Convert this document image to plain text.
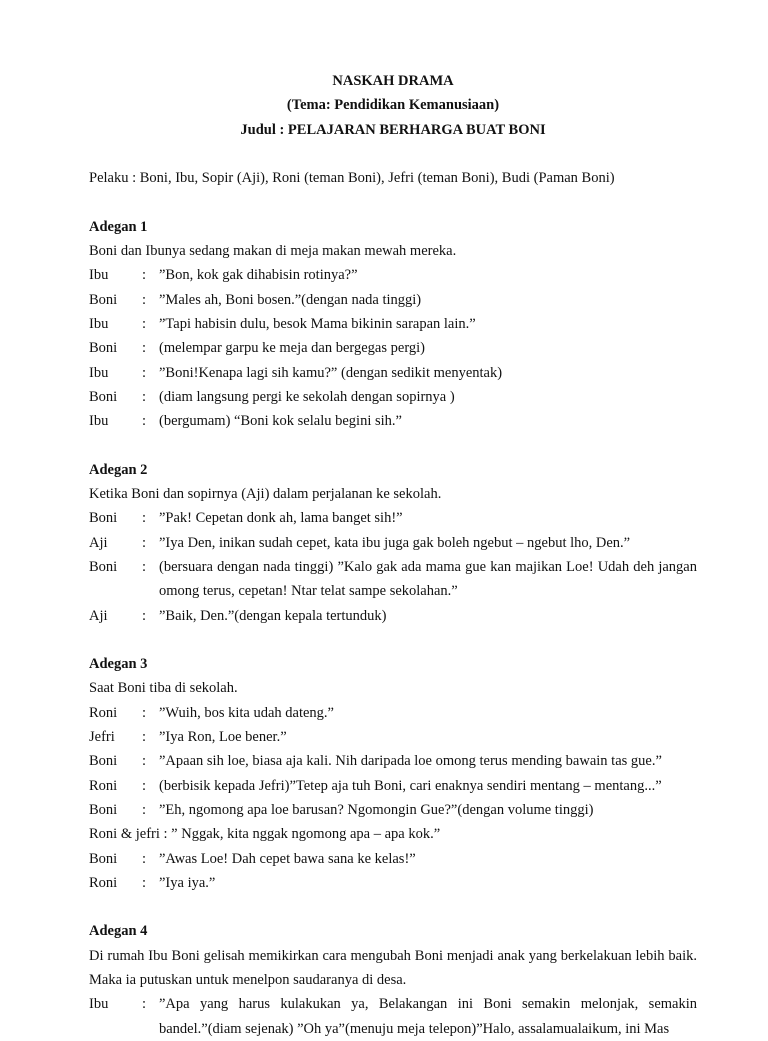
NASKAH DRAMA
(Tema: Pendidikan Kemanusiaan)
Judul : PELAJARAN BERHARGA BUAT BONI
Pelaku : Boni, Ibu, Sopir (Aji), Roni (teman Boni), Jefri (teman Boni), Budi (Paman Boni)
Adegan 1
Boni dan Ibunya sedang makan di meja makan mewah mereka.
Ibu	: ”Bon, kok gak dihabisin rotinya?”
Boni	: ”Males ah, Boni bosen.”(dengan nada tinggi)
Ibu	: ”Tapi habisin dulu, besok Mama bikinin sarapan lain.”
Boni	: (melempar garpu ke meja dan bergegas pergi)
Ibu	: ”Boni!Kenapa lagi sih kamu?” (dengan sedikit menyentak)
Boni	: (diam langsung pergi ke sekolah dengan sopirnya )
Ibu	: (bergumam) “Boni kok selalu begini sih.”
Adegan 2
Ketika Boni dan sopirnya (Aji) dalam perjalanan ke sekolah.
Boni	: ”Pak! Cepetan donk ah, lama banget sih!”
Aji	: ”Iya Den, inikan sudah cepet, kata ibu juga gak boleh ngebut – ngebut lho, Den.”
Boni	: (bersuara dengan nada tinggi) ”Kalo gak ada mama gue kan majikan Loe! Udah deh jangan omong terus, cepetan! Ntar telat sampe sekolahan.”
Aji	: ”Baik, Den.”(dengan kepala tertunduk)
Adegan 3
Saat Boni tiba di sekolah.
Roni	: ”Wuih, bos kita udah dateng.”
Jefri	: ”Iya Ron, Loe bener.”
Boni	: ”Apaan sih loe, biasa aja kali. Nih daripada loe omong terus mending bawain tas gue.”
Roni	: (berbisik kepada Jefri)”Tetep aja tuh Boni, cari enaknya sendiri mentang – mentang...”
Boni	: ”Eh, ngomong apa loe barusan? Ngomongin Gue?”(dengan volume tinggi)
Roni & jefri : ” Nggak, kita nggak ngomong apa – apa kok.”
Boni	: ”Awas Loe! Dah cepet bawa sana ke kelas!”
Roni	: ”Iya iya.”
Adegan 4
Di rumah Ibu Boni gelisah memikirkan cara mengubah Boni menjadi anak yang berkelakuan lebih baik. Maka ia putuskan untuk menelpon saudaranya di desa.
Ibu	: ”Apa yang harus kulakukan ya, Belakangan ini Boni semakin melonjak, semakin bandel.”(diam sejenak) ”Oh ya”(menuju meja telepon)”Halo, assalamualaikum, ini Mas
